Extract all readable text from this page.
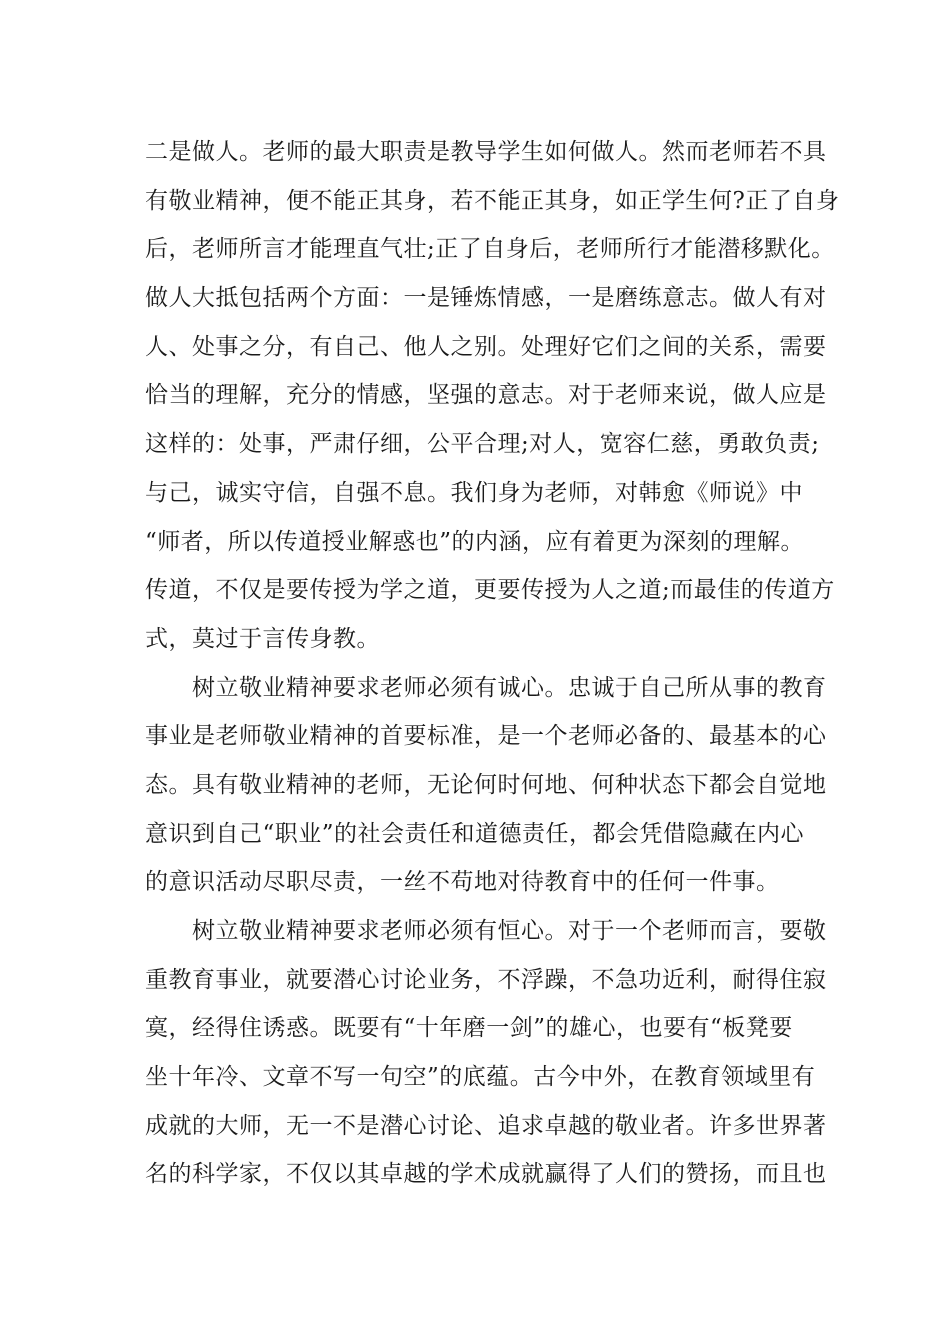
二是做人。老师的最大职责是教导学生如何做人。然而老师若不具
有敬业精神，便不能正其身，若不能正其身，如正学生何?正了自身
后，老师所言才能理直气壮;正了自身后，老师所行才能潜移默化。
做人大抵包括两个方面：一是锤炼情感，一是磨练意志。做人有对
人、处事之分，有自己、他人之别。处理好它们之间的关系，需要
恰当的理解，充分的情感，坚强的意志。对于老师来说，做人应是
这样的：处事，严肃仔细，公平合理;对人，宽容仁慈，勇敢负责;
与己，诚实守信，自强不息。我们身为老师，对韩愈《师说》中
“师者，所以传道授业解惑也”的内涵，应有着更为深刻的理解。
传道，不仅是要传授为学之道，更要传授为人之道;而最佳的传道方
式，莫过于言传身教。
　　树立敬业精神要求老师必须有诚心。忠诚于自己所从事的教育
事业是老师敬业精神的首要标准，是一个老师必备的、最基本的心
态。具有敬业精神的老师，无论何时何地、何种状态下都会自觉地
意识到自己“职业”的社会责任和道德责任，都会凭借隐藏在内心
的意识活动尽职尽责，一丝不苟地对待教育中的任何一件事。
　　树立敬业精神要求老师必须有恒心。对于一个老师而言，要敬
重教育事业，就要潜心讨论业务，不浮躁，不急功近利，耐得住寂
寞，经得住诱惑。既要有“十年磨一剑”的雄心，也要有“板凳要
坐十年冷、文章不写一句空”的底蕴。古今中外，在教育领域里有
成就的大师，无一不是潜心讨论、追求卓越的敬业者。许多世界著
名的科学家，不仅以其卓越的学术成就赢得了人们的赞扬，而且也
